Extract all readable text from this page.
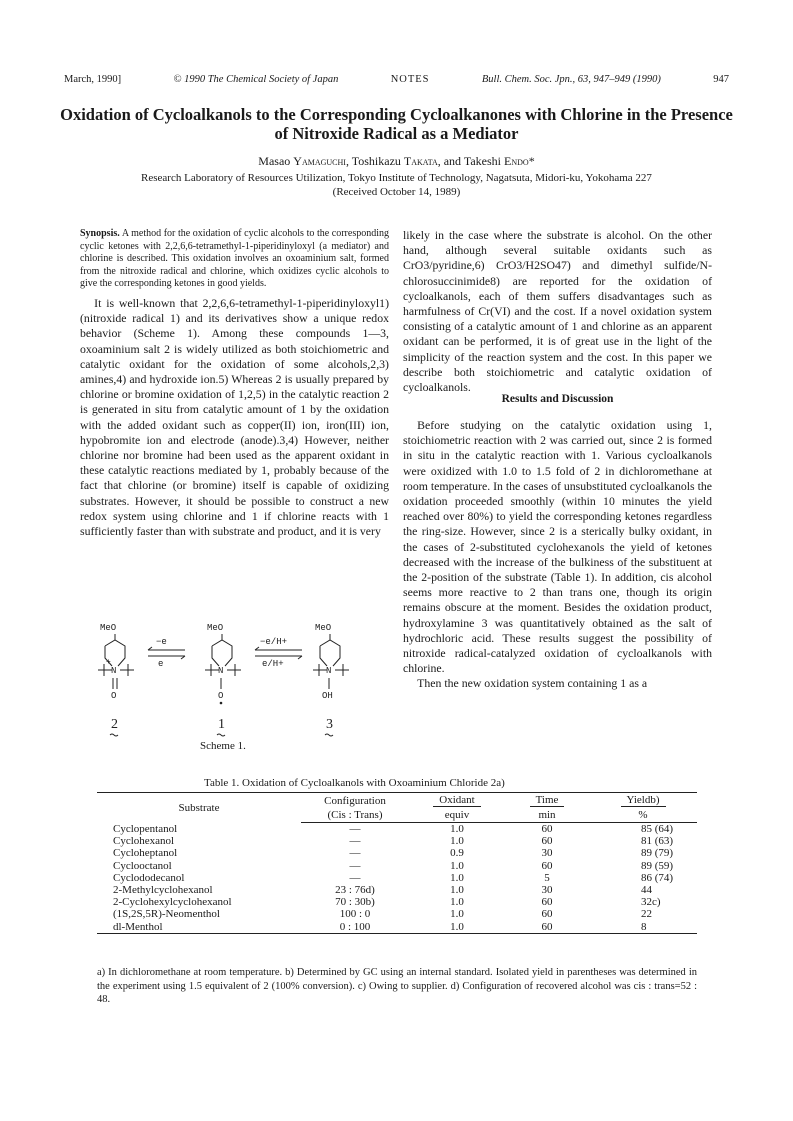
March, 1990]	© 1990 The Chemical Society of Japan	NOTES	Bull. Chem. Soc. Jpn., 63, 947–949 (1990)	947
Oxidation of Cycloalkanols to the Corresponding Cycloalkanones with Chlorine in the Presence of Nitroxide Radical as a Mediator
Masao Yamaguchi, Toshikazu Takata, and Takeshi Endo*
Research Laboratory of Resources Utilization, Tokyo Institute of Technology, Nagatsuta, Midori-ku, Yokohama 227
(Received October 14, 1989)
Synopsis. A method for the oxidation of cyclic alcohols to the corresponding cyclic ketones with 2,2,6,6-tetramethyl-1-piperidinyloxyl (a mediator) and chlorine is described. This oxidation involves an oxoaminium salt, formed from the nitroxide radical and chlorine, which oxidizes cyclic alcohols to give the corresponding ketones in good yields.
It is well-known that 2,2,6,6-tetramethyl-1-piperidinyloxyl1) (nitroxide radical 1) and its derivatives show a unique redox behavior (Scheme 1). Among these compounds 1—3, oxoaminium salt 2 is widely utilized as both stoichiometric and catalytic oxidant for the oxidation of some alcohols,2,3) amines,4) and hydroxide ion.5) Whereas 2 is usually prepared by chlorine or bromine oxidation of 1,2,5) in the catalytic reaction 2 is generated in situ from catalytic amount of 1 by the oxidation with the added oxidant such as copper(II) ion, iron(III) ion, hypobromite ion and electrode (anode).3,4) However, neither chlorine nor bromine had been used as the apparent oxidant in these catalytic reactions mediated by 1, probably because of the fact that chlorine (or bromine) itself is capable of oxidizing substrates. However, it should be possible to construct a new redox system using chlorine and 1 if chlorine reacts with 1 sufficiently faster than with substrate and product, and it is very

likely in the case where the substrate is alcohol. On the other hand, although several suitable oxidants such as CrO3/pyridine,6) CrO3/H2SO47) and dimethyl sulfide/N-chlorosuccinimide8) are reported for the oxidation of cycloalkanols, each of them suffers disadvantages such as harmfulness of Cr(VI) and the cost. If a novel oxidation system consisting of a catalytic amount of 1 and chlorine as an apparent oxidant can be performed, it is of great use in the light of the simplicity of the reaction system and the cost. In this paper we describe both stoichiometric and catalytic oxidation of cycloalkanols.

Results and Discussion

Before studying on the catalytic oxidation using 1, stoichiometric reaction with 2 was carried out, since 2 is formed in situ in the catalytic reaction with 1. Various cycloalkanols were oxidized with 1.0 to 1.5 fold of 2 in dichloromethane at room temperature. In the cases of unsubstituted cycloalkanols the oxidation proceeded smoothly (within 10 minutes the yield reached over 80%) to yield the corresponding ketones regardless the ring-size. However, since 2 is a sterically bulky oxidant, in the cases of 2-substituted cyclohexanols the yield of ketones decreased with the increase of the bulkiness of the substituent at the 2-position of the substrate (Table 1). In addition, cis alcohol seems more reactive to 2 than trans one, though its origin remains obscure at the moment. Besides the oxidation product, hydroxylamine 3 was quantitatively obtained as the salt of hydrochloric acid. These results suggest the possibility of nitroxide radical-catalyzed oxidation of cycloalkanols with chlorine.

Then the new oxidation system containing 1 as a

MeO	MeO	MeO
−e
e
−e/H+
e/H+
+
N	N	N
O	O	OH
2	1	3
Scheme 1.
Table 1. Oxidation of Cycloalkanols with Oxoaminium Chloride 2a)
Substrate	Configuration	Oxidant	Time	Yieldb)
	(Cis : Trans)	equiv	min	%
Cyclopentanol	—	1.0	60	85 (64)
Cyclohexanol	—	1.0	60	81 (63)
Cycloheptanol	—	0.9	30	89 (79)
Cyclooctanol	—	1.0	60	89 (59)
Cyclododecanol	—	1.0	5	86 (74)
2-Methylcyclohexanol	23 : 76d)	1.0	30	44
2-Cyclohexylcyclohexanol	70 : 30b)	1.0	60	32c)
(1S,2S,5R)-Neomenthol	100 : 0	1.0	60	22
dl-Menthol	0 : 100	1.0	60	8
a) In dichloromethane at room temperature. b) Determined by GC using an internal standard. Isolated yield in parentheses was determined in the experiment using 1.5 equivalent of 2 (100% conversion). c) Owing to supplier. d) Configuration of recovered alcohol was cis : trans=52 : 48.
